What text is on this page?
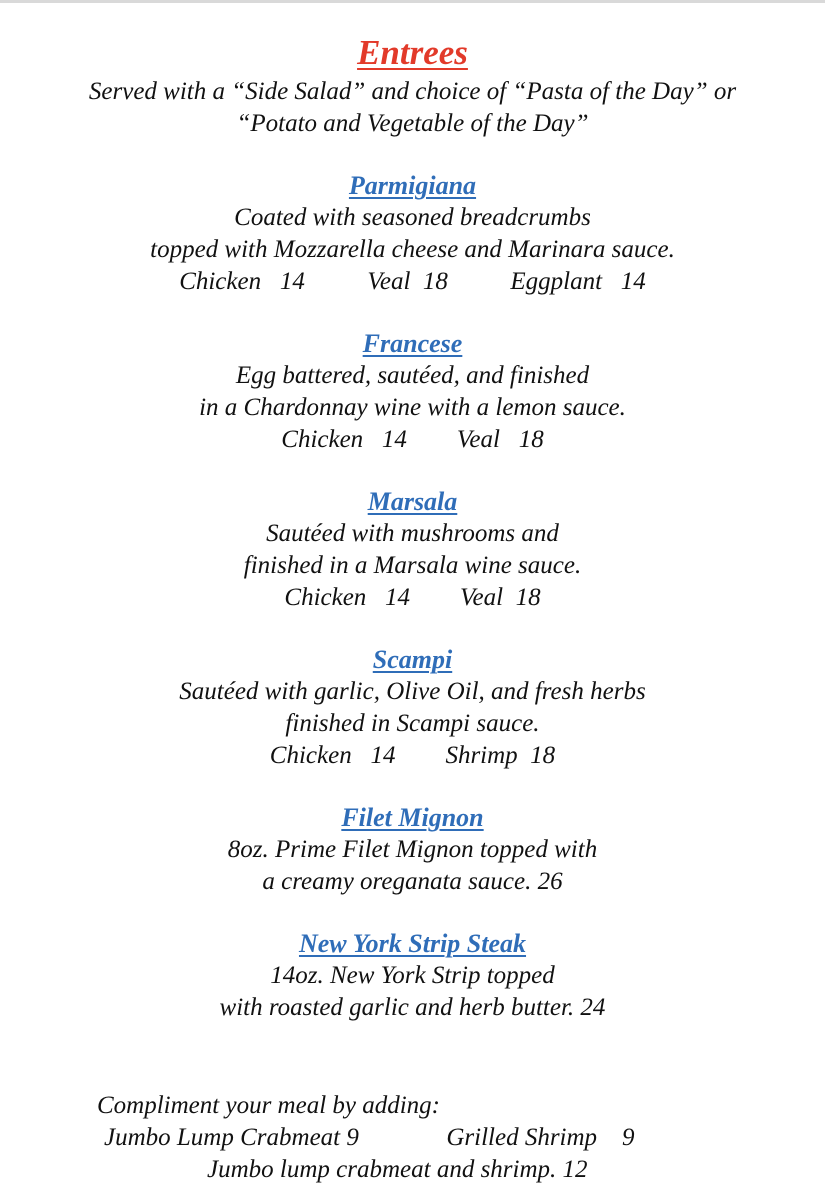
Entrees
Served with a “Side Salad” and choice of “Pasta of the Day” or
“Potato and Vegetable of the Day”
Parmigiana
Coated with seasoned breadcrumbs
topped with Mozzarella cheese and Marinara sauce.
Chicken   14          Veal  18          Eggplant   14
Francese
Egg battered, sautéed, and finished
in a Chardonnay wine with a lemon sauce.
Chicken   14        Veal   18
Marsala
Sautéed with mushrooms and
finished in a Marsala wine sauce.
Chicken   14        Veal  18
Scampi
Sautéed with garlic, Olive Oil, and fresh herbs
finished in Scampi sauce.
Chicken   14        Shrimp  18
Filet Mignon
8oz. Prime Filet Mignon topped with
a creamy oreganata sauce. 26
New York Strip Steak
14oz. New York Strip topped
with roasted garlic and herb butter. 24
Compliment your meal by adding:
Jumbo Lump Crabmeat 9              Grilled Shrimp    9
Jumbo lump crabmeat and shrimp. 12
